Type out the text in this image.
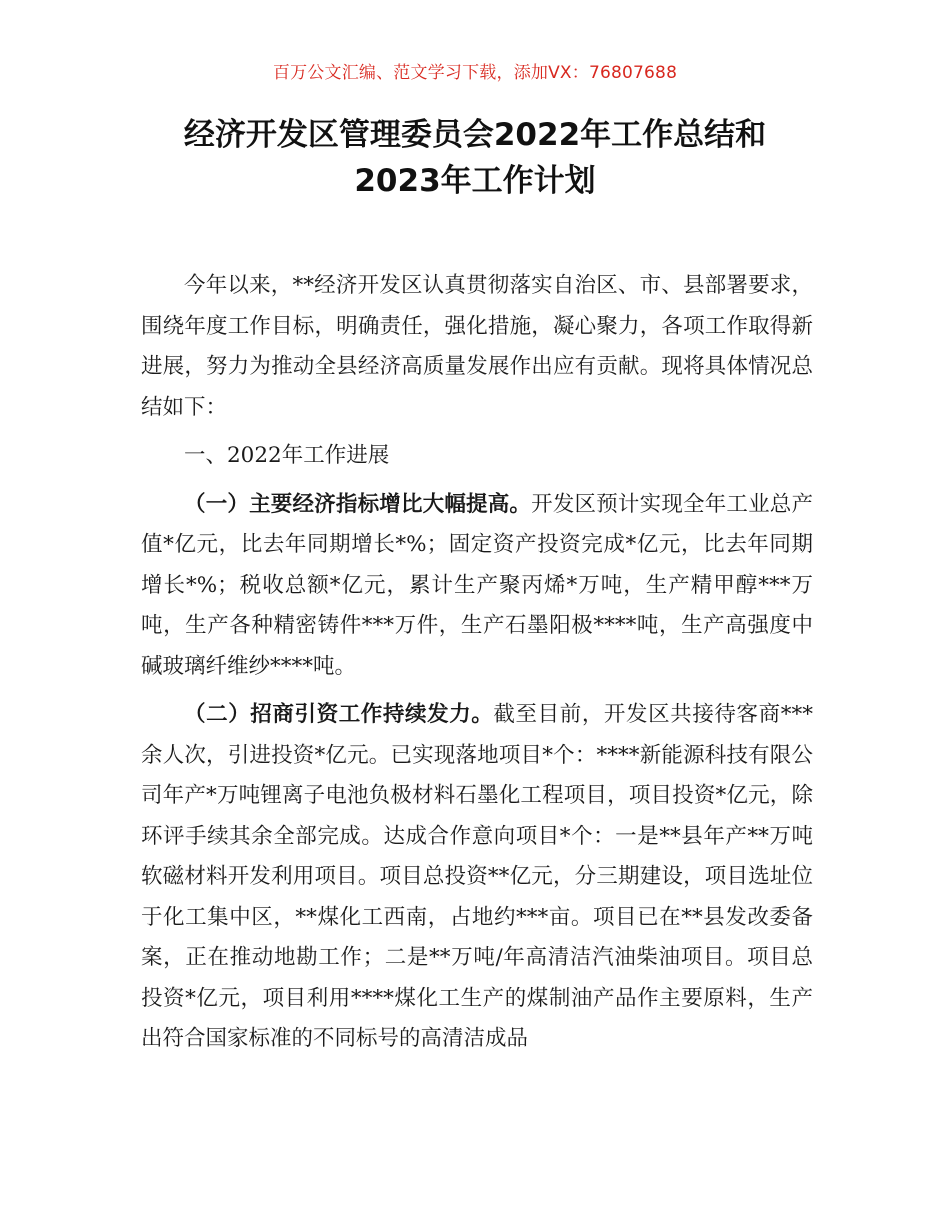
百万公文汇编、范文学习下载，添加VX：76807688
经济开发区管理委员会2022年工作总结和
2023年工作计划

今年以来，**经济开发区认真贯彻落实自治区、市、县部署要求，围绕年度工作目标，明确责任，强化措施，凝心聚力，各项工作取得新进展，努力为推动全县经济高质量发展作出应有贡献。现将具体情况总结如下：

一、2022年工作进展

（一）主要经济指标增比大幅提高。开发区预计实现全年工业总产值*亿元，比去年同期增长*%；固定资产投资完成*亿元，比去年同期增长*%；税收总额*亿元，累计生产聚丙烯*万吨，生产精甲醇***万吨，生产各种精密铸件***万件，生产石墨阳极****吨，生产高强度中碱玻璃纤维纱****吨。

（二）招商引资工作持续发力。截至目前，开发区共接待客商***余人次，引进投资*亿元。已实现落地项目*个：****新能源科技有限公司年产*万吨锂离子电池负极材料石墨化工程项目，项目投资*亿元，除环评手续其余全部完成。达成合作意向项目*个：一是**县年产**万吨软磁材料开发利用项目。项目总投资**亿元，分三期建设，项目选址位于化工集中区，**煤化工西南，占地约***亩。项目已在**县发改委备案，正在推动地勘工作；二是**万吨/年高清洁汽油柴油项目。项目总投资*亿元，项目利用****煤化工生产的煤制油产品作主要原料，生产出符合国家标准的不同标号的高清洁成品
